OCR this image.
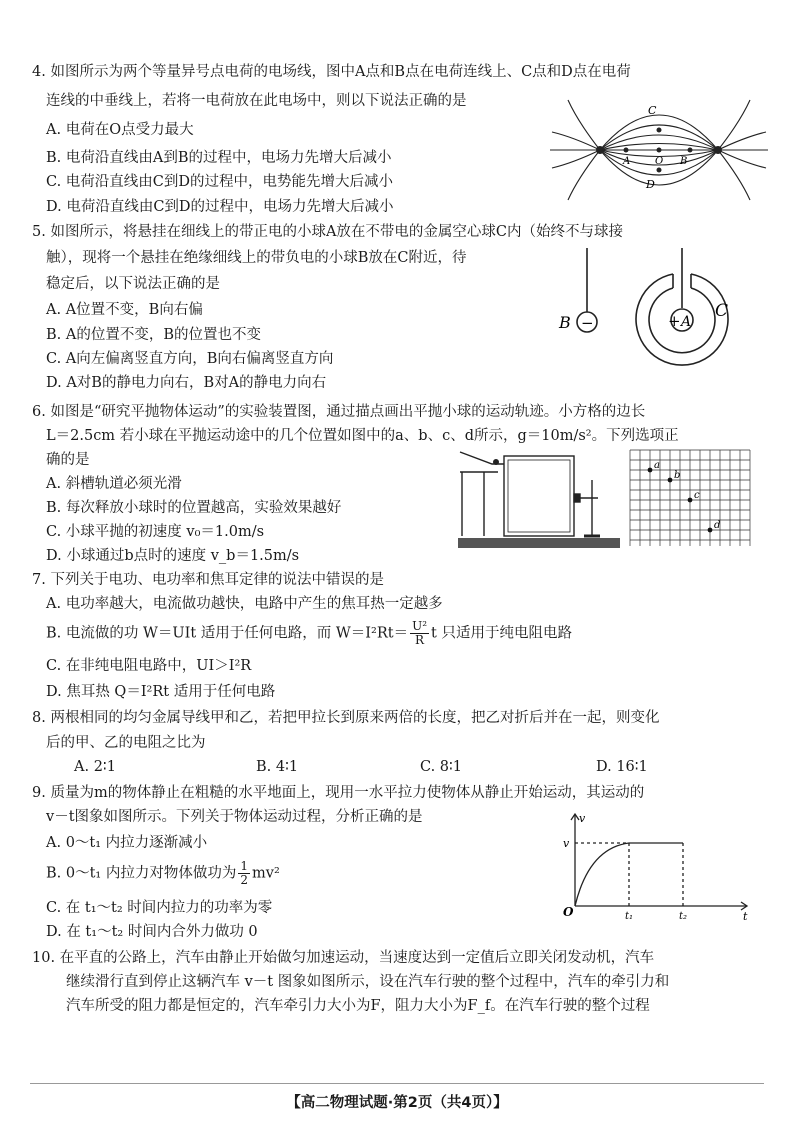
4. 如图所示为两个等量异号点电荷的电场线，图中A点和B点在电荷连线上、C点和D点在电荷
连线的中垂线上，若将一电荷放在此电场中，则以下说法正确的是
A. 电荷在O点受力最大
B. 电荷沿直线由A到B的过程中，电场力先增大后减小
C. 电荷沿直线由C到D的过程中，电势能先增大后减小
D. 电荷沿直线由C到D的过程中，电场力先增大后减小
C
A O B
D
5. 如图所示，将悬挂在细线上的带正电的小球A放在不带电的金属空心球C内（始终不与球接
触），现将一个悬挂在绝缘细线上的带负电的小球B放在C附近，待
稳定后，以下说法正确的是
A. A位置不变，B向右偏
B. A的位置不变，B的位置也不变
C. A向左偏离竖直方向，B向右偏离竖直方向
D. A对B的静电力向右，B对A的静电力向右
B −	+ A
C
6. 如图是“研究平抛物体运动”的实验装置图，通过描点画出平抛小球的运动轨迹。小方格的边长
L＝2.5cm 若小球在平抛运动途中的几个位置如图中的a、b、c、d所示，g＝10m/s²。下列选项正
确的是
A. 斜槽轨道必须光滑
B. 每次释放小球时的位置越高，实验效果越好
C. 小球平抛的初速度 v₀＝1.0m/s
D. 小球通过b点时的速度 v_b＝1.5m/s
a
b
c
d
7. 下列关于电功、电功率和焦耳定律的说法中错误的是
A. 电功率越大，电流做功越快，电路中产生的焦耳热一定越多
B. 电流做的功 W＝UIt 适用于任何电路，而 $W=I^2Rt= \frac{\text{U²}}{R}$ t 只适用于纯电阻电路
C. 在非纯电阻电路中，UI＞I²R
D. 焦耳热 Q＝I²Rt 适用于任何电路
8. 两根相同的均匀金属导线甲和乙，若把甲拉长到原来两倍的长度，把乙对折后并在一起，则变化
后的甲、乙的电阻之比为
A. 2∶1	B. 4∶1	C. 8∶1	D. 16∶1
9. 质量为m的物体静止在粗糙的水平地面上，现用一水平拉力使物体从静止开始运动，其运动的
v－t图象如图所示。下列关于物体运动过程，分析正确的是
A. 0～t₁ 内拉力逐渐减小
B. 0～t₁ 内拉力对物体做功为 $\frac{1}{2} mv^2$
C. 在 t₁～t₂ 时间内拉力的功率为零
D. 在 t₁～t₂ 时间内合外力做功 0
v
v
t
O	t₁	t₂
10. 在平直的公路上，汽车由静止开始做匀加速运动，当速度达到一定值后立即关闭发动机，汽车
继续滑行直到停止这辆汽车 v－t 图象如图所示，设在汽车行驶的整个过程中，汽车的牵引力和
汽车所受的阻力都是恒定的，汽车牵引力大小为F，阻力大小为F_f。在汽车行驶的整个过程
【高二物理试题·第2页（共4页）】
